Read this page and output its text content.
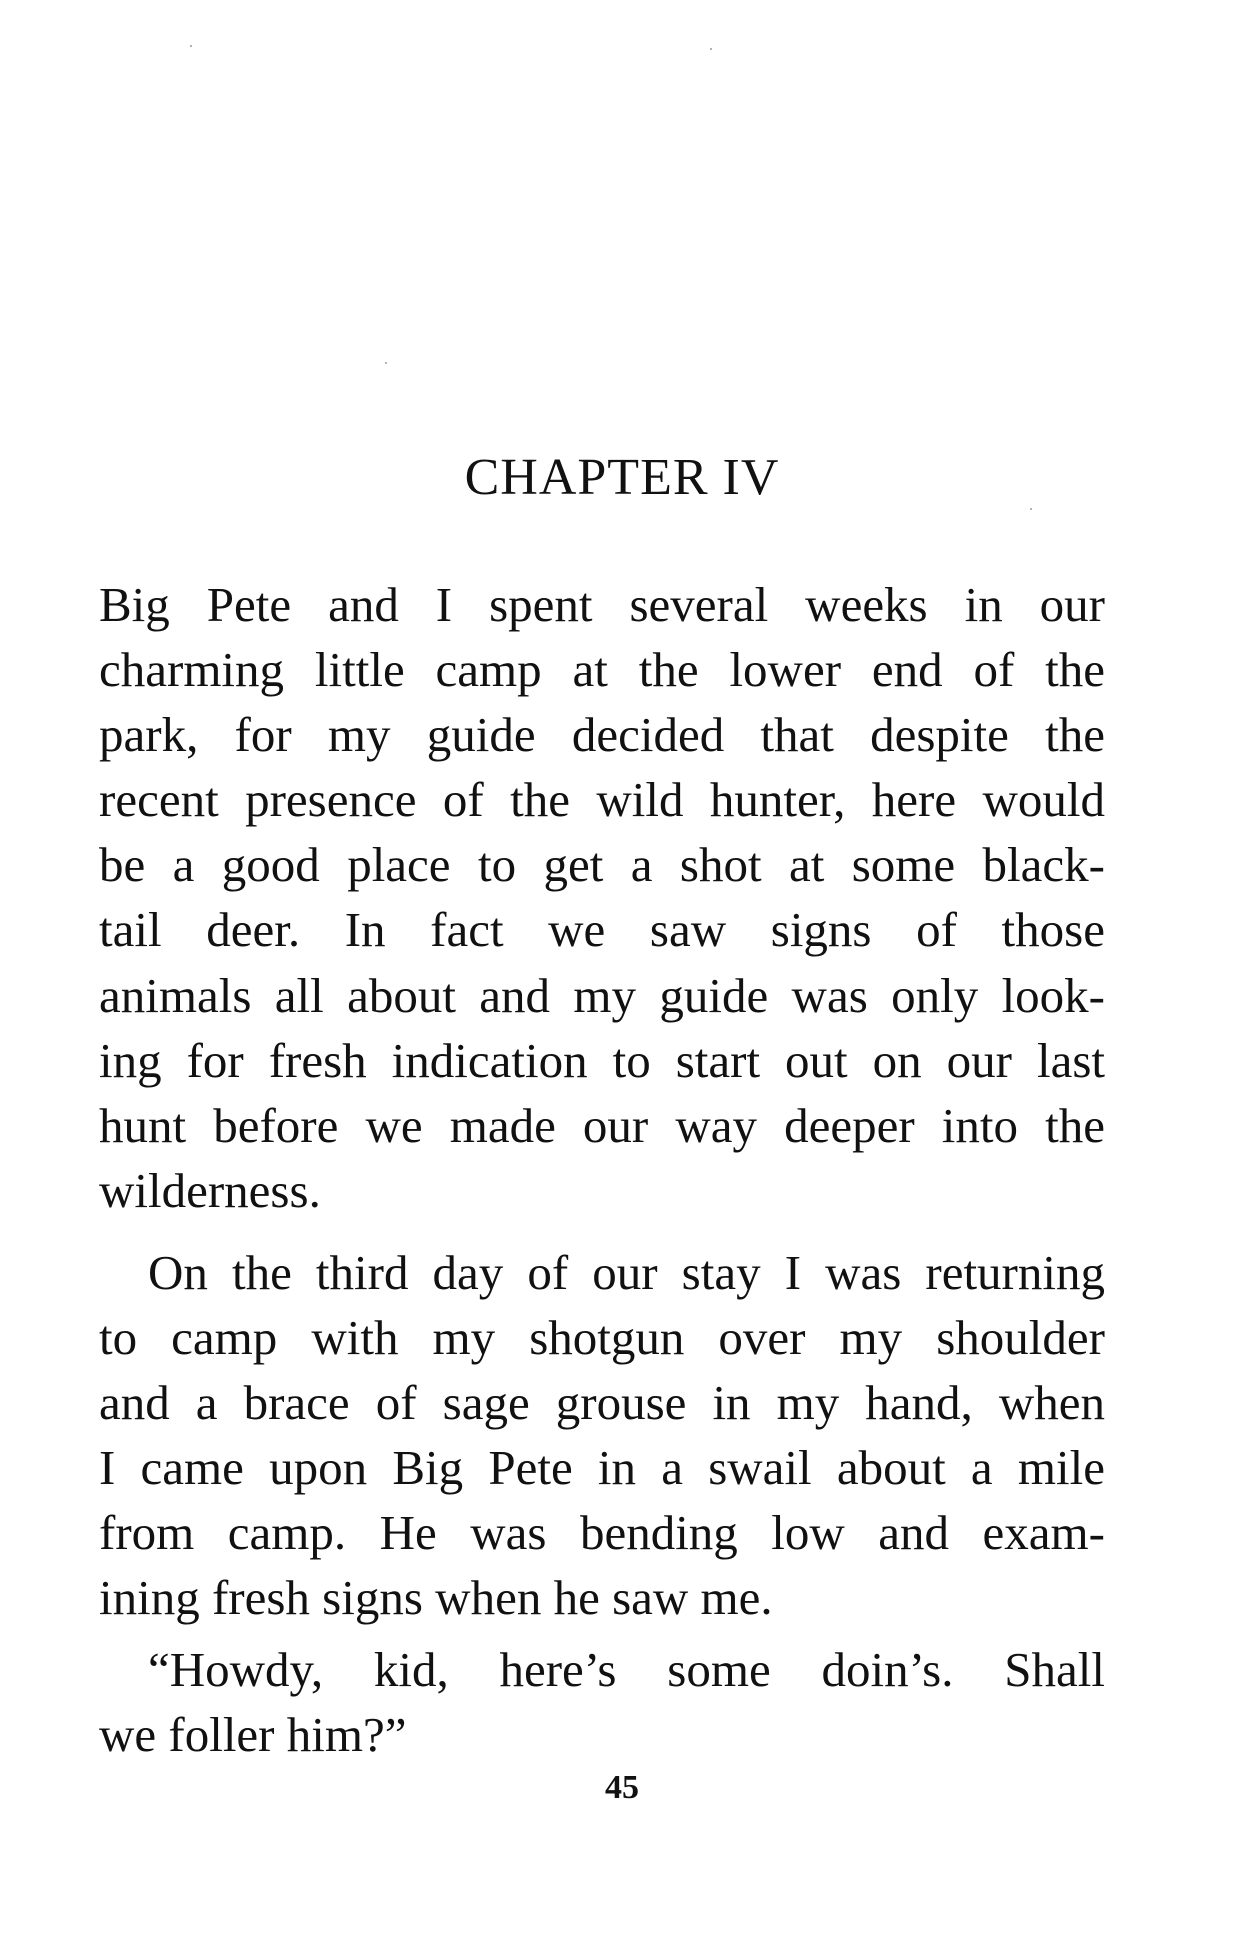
CHAPTER IV

Big Pete and I spent several weeks in our

charming little camp at the lower end of the

park, for my guide decided that despite the

recent presence of the wild hunter, here would

be a good place to get a shot at some black-

tail deer. In fact we saw signs of those

animals all about and my guide was only look-

ing for fresh indication to start out on our last

hunt before we made our way deeper into the

wilderness.

On the third day of our stay I was returning

to camp with my shotgun over my shoulder

and a brace of sage grouse in my hand, when

I came upon Big Pete in a swail about a mile

from camp. He was bending low and exam-

ining fresh signs when he saw me.

“Howdy, kid, here’s some doin’s. Shall

we foller him?”

45
